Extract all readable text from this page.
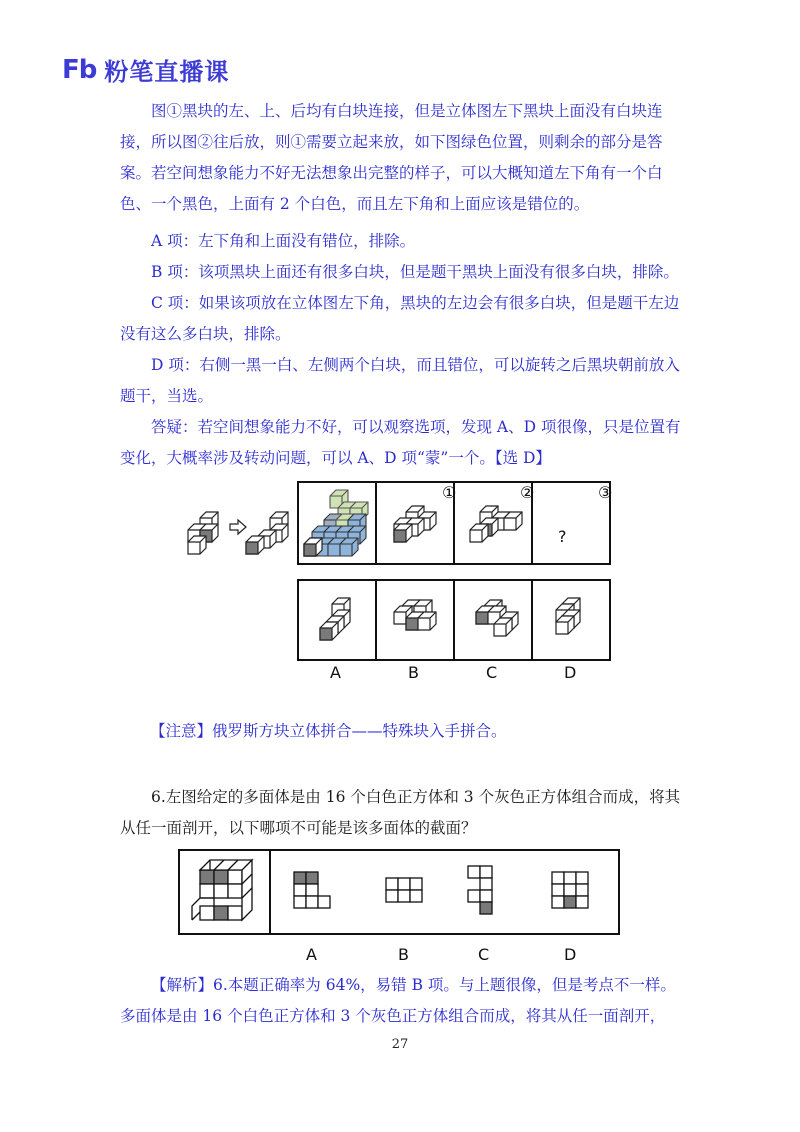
Fb 粉笔直播课

图①黑块的左、上、后均有白块连接，但是立体图左下黑块上面没有白块连接，所以图②往后放，则①需要立起来放，如下图绿色位置，则剩余的部分是答案。若空间想象能力不好无法想象出完整的样子，可以大概知道左下角有一个白色、一个黑色，上面有 2 个白色，而且左下角和上面应该是错位的。

A 项：左下角和上面没有错位，排除。

B 项：该项黑块上面还有很多白块，但是题干黑块上面没有很多白块，排除。

C 项：如果该项放在立体图左下角，黑块的左边会有很多白块，但是题干左边没有这么多白块，排除。

D 项：右侧一黑一白、左侧两个白块，而且错位，可以旋转之后黑块朝前放入题干，当选。

答疑：若空间想象能力不好，可以观察选项，发现 A、D 项很像，只是位置有变化，大概率涉及转动问题，可以 A、D 项“蒙”一个。【选 D】

①	②
?
③
A	B	C	D

【注意】俄罗斯方块立体拼合——特殊块入手拼合。

6.左图给定的多面体是由 16 个白色正方体和 3 个灰色正方体组合而成，将其从任一面剖开，以下哪项不可能是该多面体的截面？

A	B	C	D

【解析】6.本题正确率为 64%，易错 B 项。与上题很像，但是考点不一样。多面体是由 16 个白色正方体和 3 个灰色正方体组合而成，将其从任一面剖开，

27
